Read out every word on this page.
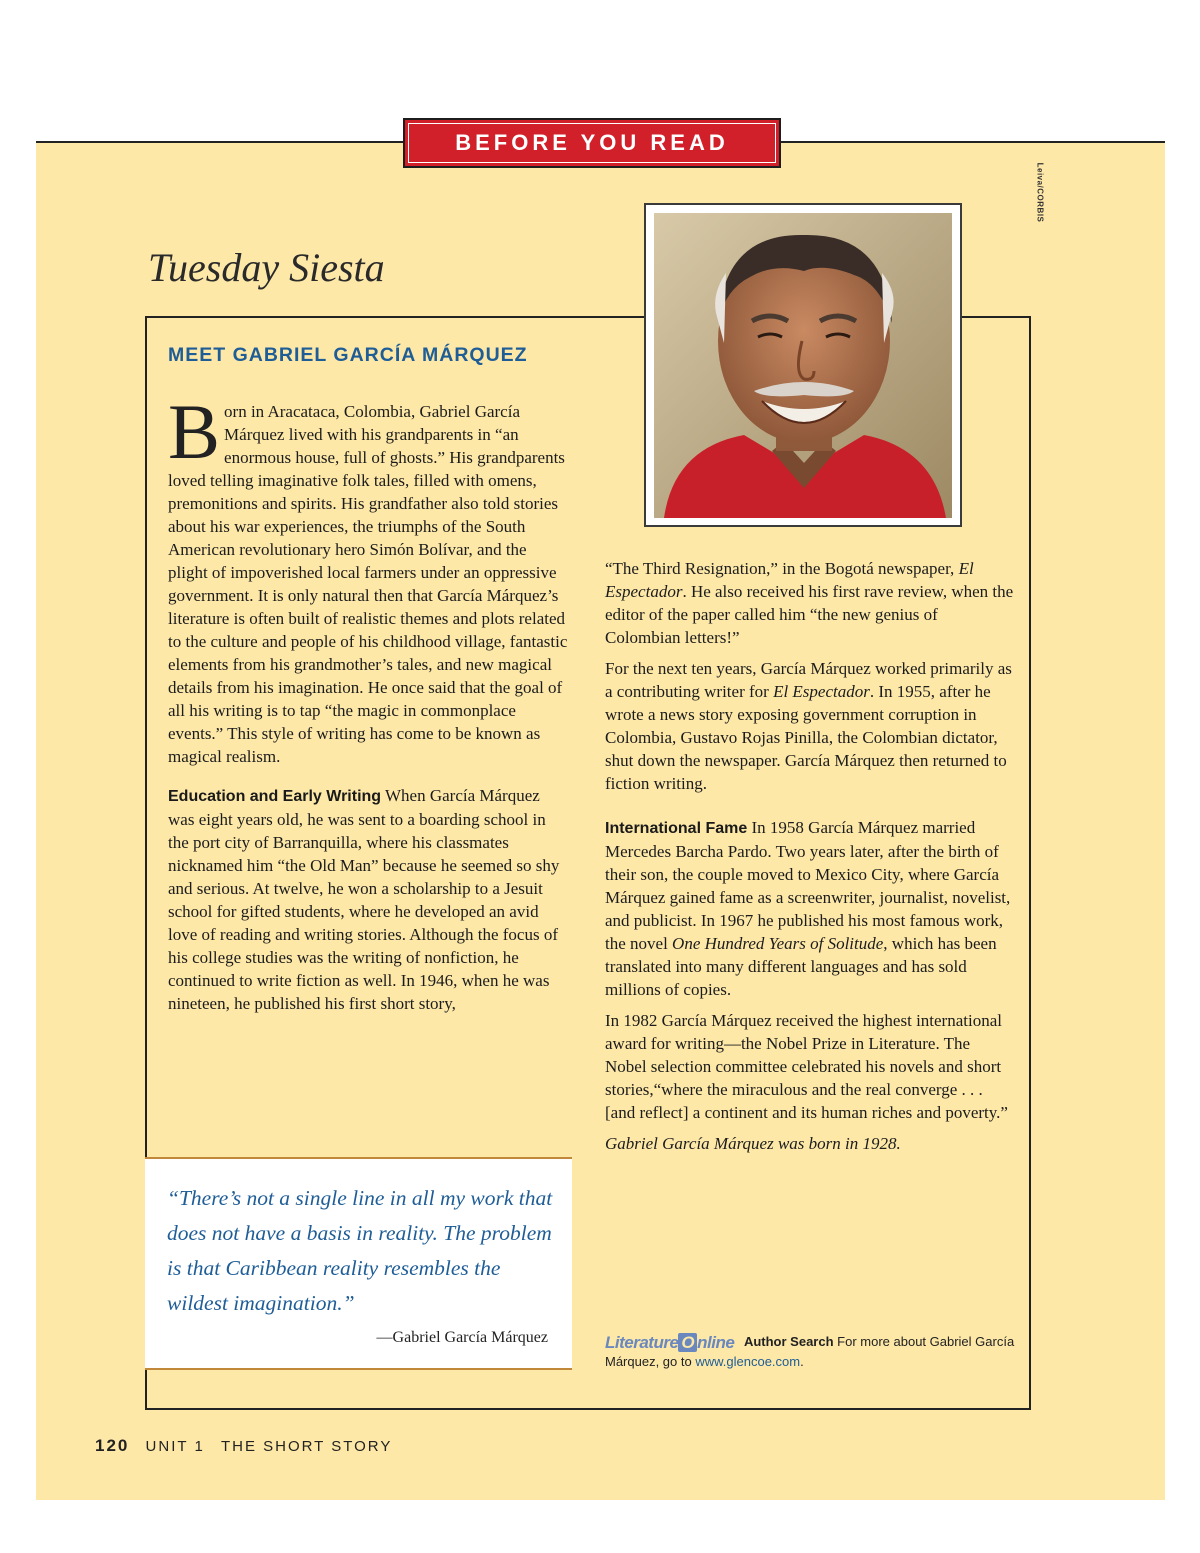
BEFORE YOU READ
Leiva/CORBIS
Tuesday Siesta
MEET GABRIEL GARCÍA MÁRQUEZ

Born in Aracataca, Colombia, Gabriel García Márquez lived with his grandparents in “an enormous house, full of ghosts.” His grandparents loved telling imaginative folk tales, filled with omens, premonitions and spirits. His grandfather also told stories about his war experiences, the triumphs of the South American revolutionary hero Simón Bolívar, and the plight of impoverished local farmers under an oppressive government. It is only natural then that García Márquez’s literature is often built of realistic themes and plots related to the culture and people of his childhood village, fantastic elements from his grandmother’s tales, and new magical details from his imagination. He once said that the goal of all his writing is to tap “the magic in commonplace events.” This style of writing has come to be known as magical realism.

Education and Early Writing When García Márquez was eight years old, he was sent to a boarding school in the port city of Barranquilla, where his classmates nicknamed him “the Old Man” because he seemed so shy and serious. At twelve, he won a scholarship to a Jesuit school for gifted students, where he developed an avid love of reading and writing stories. Although the focus of his college studies was the writing of nonfiction, he continued to write fiction as well. In 1946, when he was nineteen, he published his first short story,

“There’s not a single line in all my work that does not have a basis in reality. The problem is that Caribbean reality resembles the wildest imagination.”

—Gabriel García Márquez

“The Third Resignation,” in the Bogotá newspaper, El Espectador. He also received his first rave review, when the editor of the paper called him “the new genius of Colombian letters!”

For the next ten years, García Márquez worked primarily as a contributing writer for El Espectador. In 1955, after he wrote a news story exposing government corruption in Colombia, Gustavo Rojas Pinilla, the Colombian dictator, shut down the newspaper. García Márquez then returned to fiction writing.

International Fame In 1958 García Márquez married Mercedes Barcha Pardo. Two years later, after the birth of their son, the couple moved to Mexico City, where García Márquez gained fame as a screenwriter, journalist, novelist, and publicist. In 1967 he published his most famous work, the novel One Hundred Years of Solitude, which has been translated into many different languages and has sold millions of copies.

In 1982 García Márquez received the highest international award for writing—the Nobel Prize in Literature. The Nobel selection committee celebrated his novels and short stories,“where the miraculous and the real converge . . . [and reflect] a continent and its human riches and poverty.”

Gabriel García Márquez was born in 1928.

Literature O nline Author Search For more about Gabriel García Márquez, go to www.glencoe.com.
120 UNIT 1 THE SHORT STORY
